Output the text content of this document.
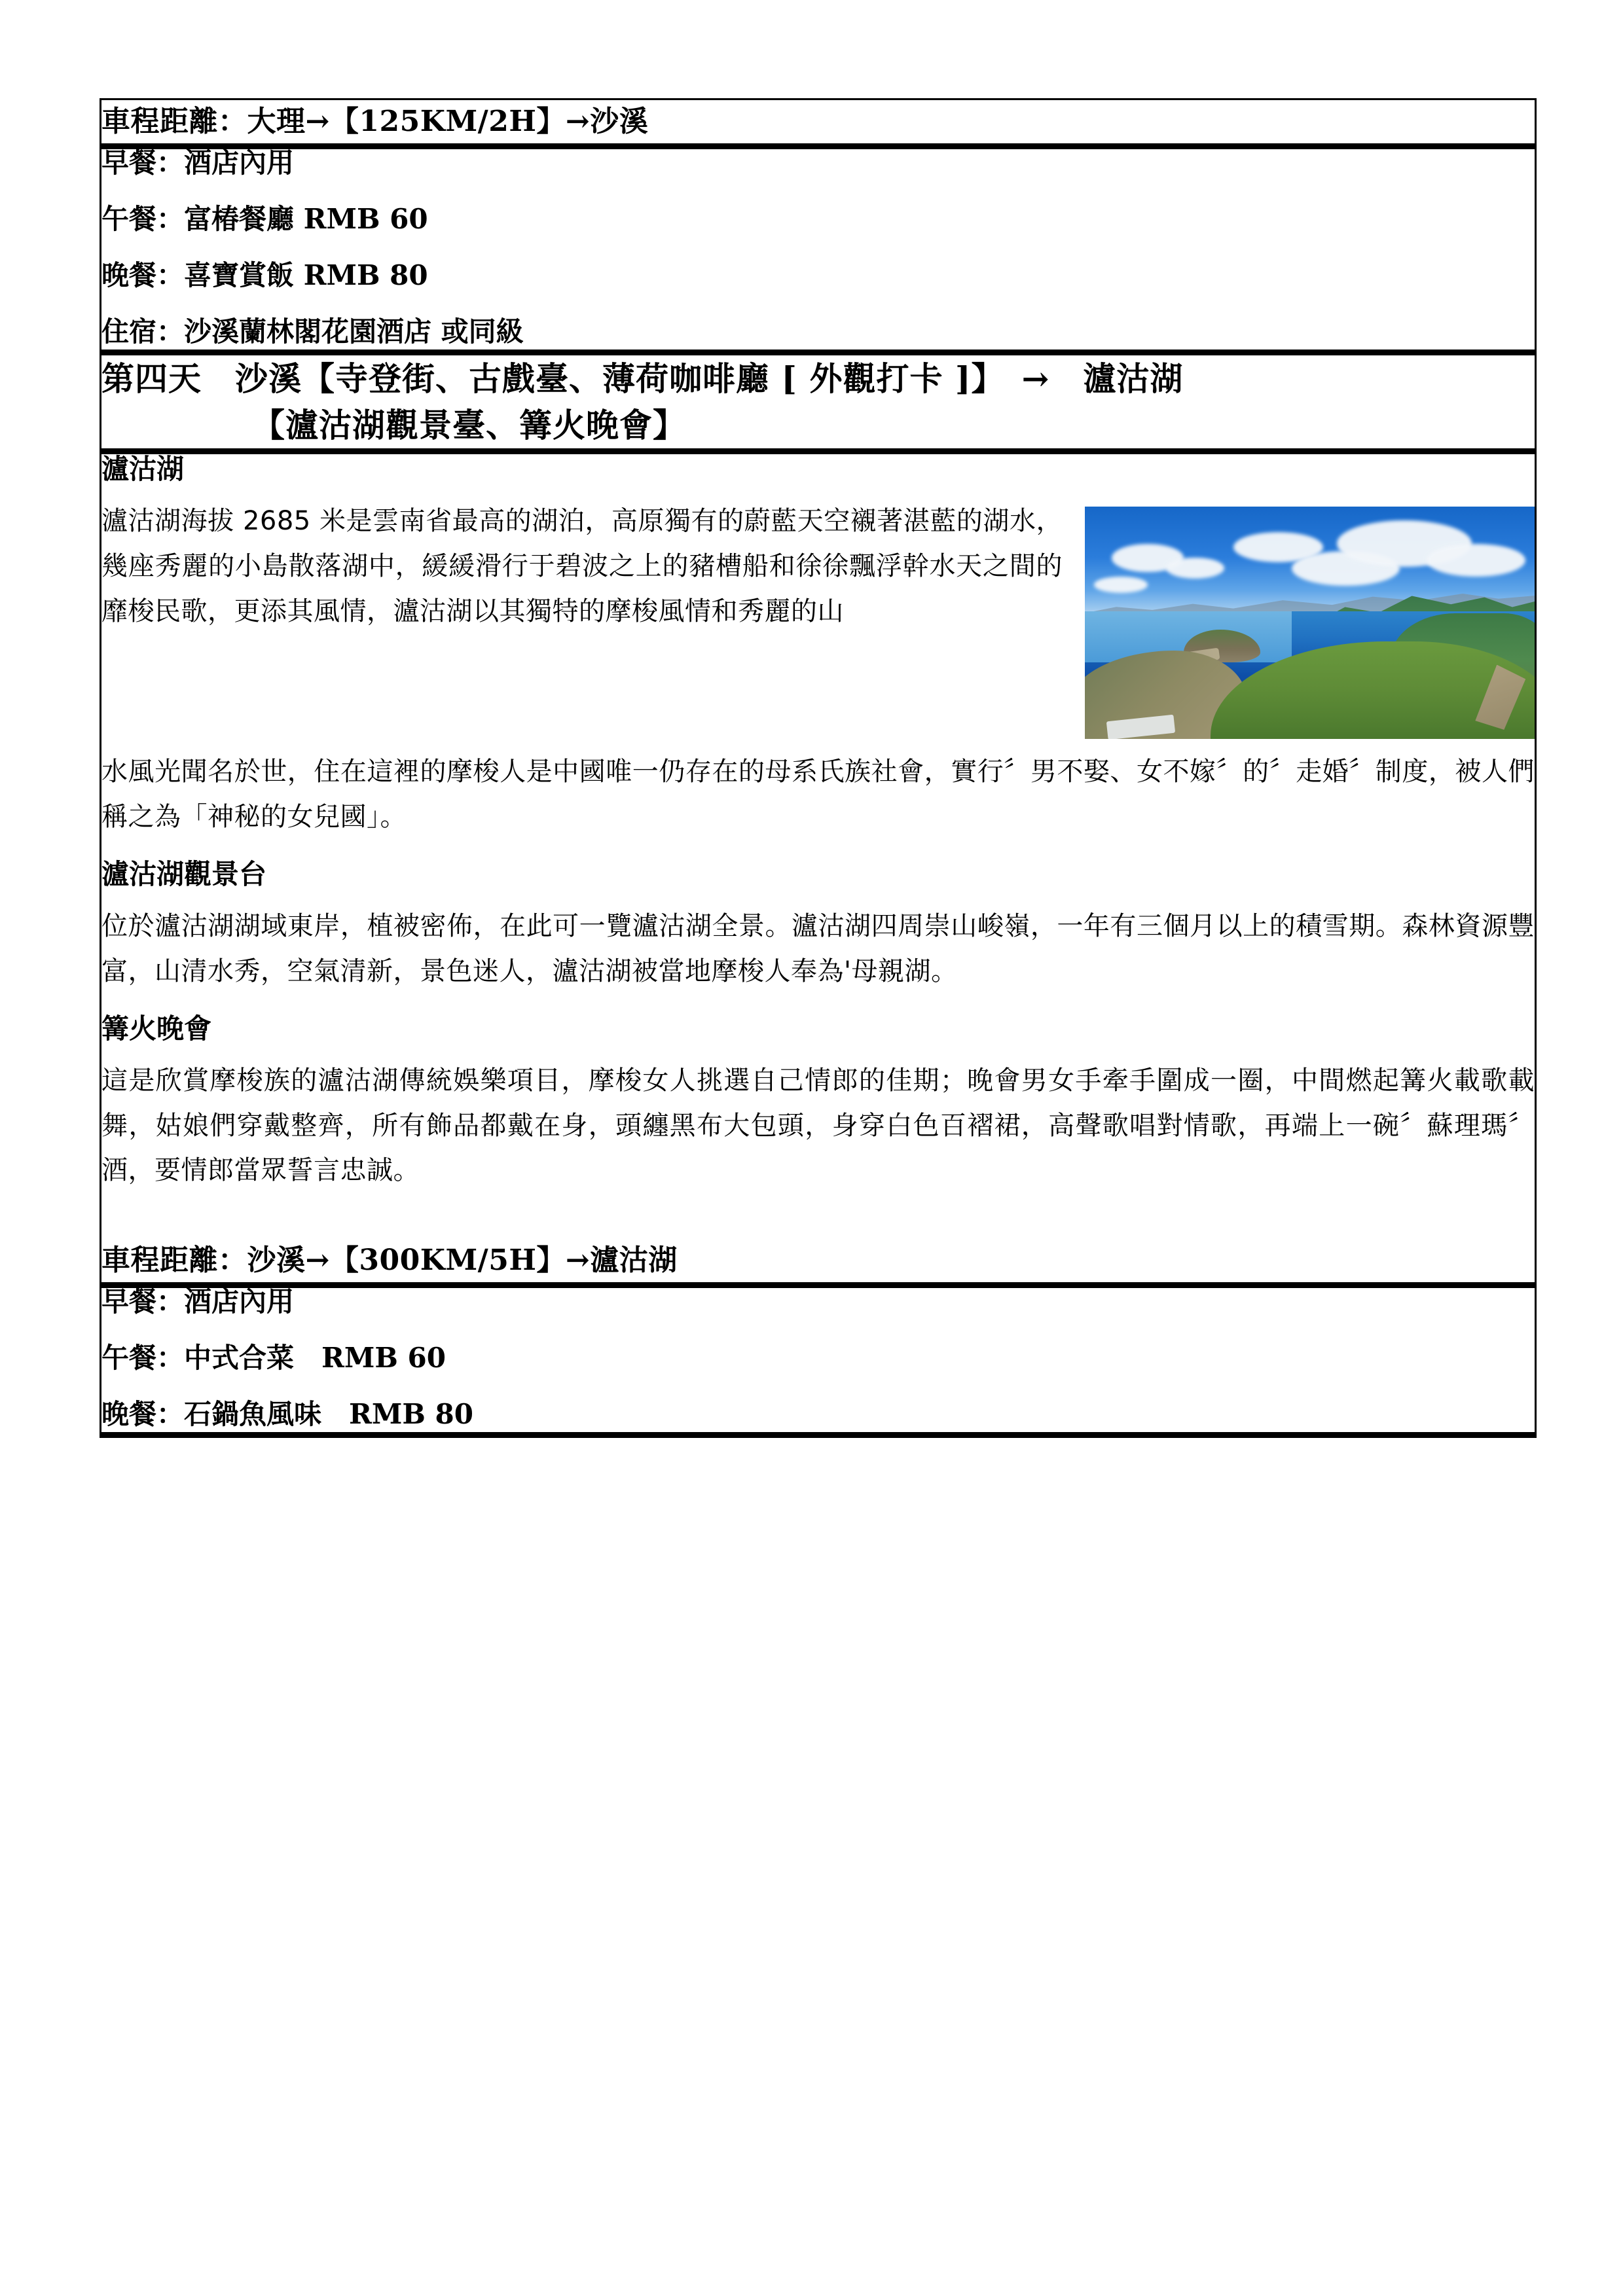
車程距離：大理→【125KM/2H】→沙溪

早餐：酒店內用

午餐：富椿餐廳 RMB 60

晚餐：喜寶賞飯 RMB 80

住宿：沙溪蘭林閣花園酒店 或同級

第四天　沙溪【寺登街、古戲臺、薄荷咖啡廳 [ 外觀打卡 ]】　→　瀘沽湖
【瀘沽湖觀景臺、篝火晚會】

瀘沽湖

瀘沽湖海拔 2685 米是雲南省最高的湖泊，高原獨有的蔚藍天空襯著湛藍的湖水，幾座秀麗的小島散落湖中，緩緩滑行于碧波之上的豬槽船和徐徐飄浮幹水天之間的靡梭民歌，更添其風情，瀘沽湖以其獨特的摩梭風情和秀麗的山

水風光聞名於世，住在這裡的摩梭人是中國唯一仍存在的母系氏族社會，實行〞男不娶、女不嫁〞的〞走婚〞制度，被人們稱之為「神秘的女兒國」。

瀘沽湖觀景台

位於瀘沽湖湖域東岸，植被密佈，在此可一覽瀘沽湖全景。瀘沽湖四周崇山峻嶺，一年有三個月以上的積雪期。森林資源豐富，山清水秀，空氣清新，景色迷人，瀘沽湖被當地摩梭人奉為'母親湖。

篝火晚會

這是欣賞摩梭族的瀘沽湖傳統娛樂項目，摩梭女人挑選自己情郎的佳期；晚會男女手牽手圍成一圈，中間燃起篝火載歌載舞，姑娘們穿戴整齊，所有飾品都戴在身，頭纏黑布大包頭，身穿白色百褶裙，高聲歌唱對情歌，再端上一碗〞蘇理瑪〞酒，要情郎當眾誓言忠誠。

車程距離：沙溪→【300KM/5H】→瀘沽湖

早餐：酒店內用

午餐：中式合菜　RMB 60

晚餐：石鍋魚風味　RMB 80
